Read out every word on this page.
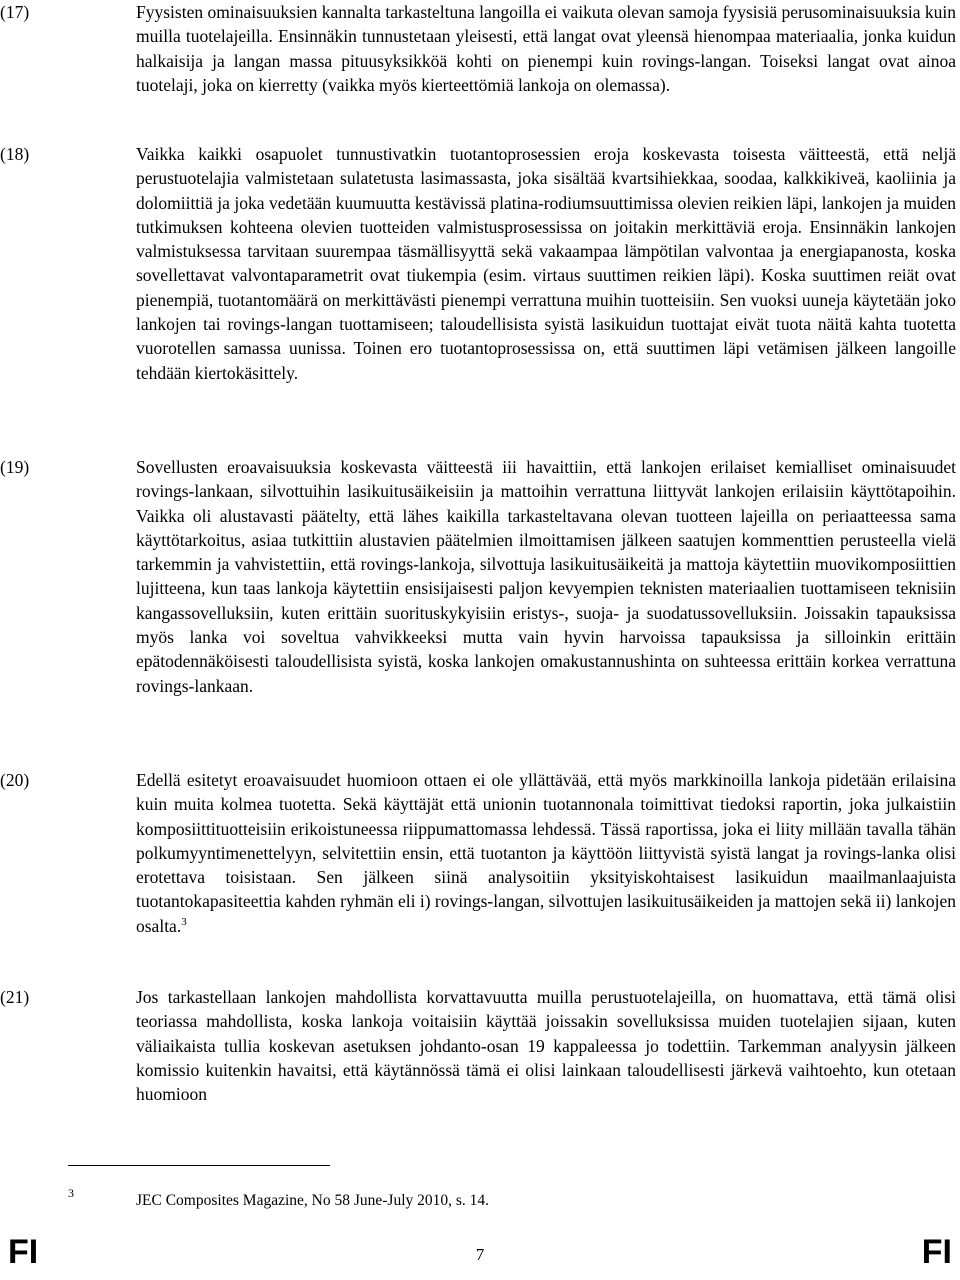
(17)	Fyysisten ominaisuuksien kannalta tarkasteltuna langoilla ei vaikuta olevan samoja fyysisiä perusominaisuuksia kuin muilla tuotelajeilla. Ensinnäkin tunnustetaan yleisesti, että langat ovat yleensä hienompaa materiaalia, jonka kuidun halkaisija ja langan massa pituusyksikköä kohti on pienempi kuin rovings-langan. Toiseksi langat ovat ainoa tuotelaji, joka on kierretty (vaikka myös kierteettömiä lankoja on olemassa).
(18)	Vaikka kaikki osapuolet tunnustivatkin tuotantoprosessien eroja koskevasta toisesta väitteestä, että neljä perustuotelajia valmistetaan sulatetusta lasimassasta, joka sisältää kvartsihiekkaa, soodaa, kalkkikiveä, kaoliinia ja dolomiittiä ja joka vedetään kuumuutta kestävissä platina-rodiumsuuttimissa olevien reikien läpi, lankojen ja muiden tutkimuksen kohteena olevien tuotteiden valmistusprosessissa on joitakin merkittäviä eroja. Ensinnäkin lankojen valmistuksessa tarvitaan suurempaa täsmällisyyttä sekä vakaampaa lämpötilan valvontaa ja energiapanosta, koska sovellettavat valvontaparametrit ovat tiukempia (esim. virtaus suuttimen reikien läpi). Koska suuttimen reiät ovat pienempiä, tuotantomäärä on merkittävästi pienempi verrattuna muihin tuotteisiin. Sen vuoksi uuneja käytetään joko lankojen tai rovings-langan tuottamiseen; taloudellisista syistä lasikuidun tuottajat eivät tuota näitä kahta tuotetta vuorotellen samassa uunissa. Toinen ero tuotantoprosessissa on, että suuttimen läpi vetämisen jälkeen langoille tehdään kiertokäsittely.
(19)	Sovellusten eroavaisuuksia koskevasta väitteestä iii havaittiin, että lankojen erilaiset kemialliset ominaisuudet rovings-lankaan, silvottuihin lasikuitusäikeisiin ja mattoihin verrattuna liittyvät lankojen erilaisiin käyttötapoihin. Vaikka oli alustavasti päätelty, että lähes kaikilla tarkasteltavana olevan tuotteen lajeilla on periaatteessa sama käyttötarkoitus, asiaa tutkittiin alustavien päätelmien ilmoittamisen jälkeen saatujen kommenttien perusteella vielä tarkemmin ja vahvistettiin, että rovings-lankoja, silvottuja lasikuitusäikeitä ja mattoja käytettiin muovikomposiittien lujitteena, kun taas lankoja käytettiin ensisijaisesti paljon kevyempien teknisten materiaalien tuottamiseen teknisiin kangassovelluksiin, kuten erittäin suorituskykyisiin eristys-, suoja- ja suodatussovelluksiin. Joissakin tapauksissa myös lanka voi soveltua vahvikkeeksi mutta vain hyvin harvoissa tapauksissa ja silloinkin erittäin epätodennäköisesti taloudellisista syistä, koska lankojen omakustannushinta on suhteessa erittäin korkea verrattuna rovings-lankaan.
(20)	Edellä esitetyt eroavaisuudet huomioon ottaen ei ole yllättävää, että myös markkinoilla lankoja pidetään erilaisina kuin muita kolmea tuotetta. Sekä käyttäjät että unionin tuotannonala toimittivat tiedoksi raportin, joka julkaistiin komposiittituotteisiin erikoistuneessa riippumattomassa lehdessä. Tässä raportissa, joka ei liity millään tavalla tähän polkumyyntimenettelyyn, selvitettiin ensin, että tuotanton ja käyttöön liittyvistä syistä langat ja rovings-lanka olisi erotettava toisistaan. Sen jälkeen siinä analysoitiin yksityiskohtaisest lasikuidun maailmanlaajuista tuotantokapasiteettia kahden ryhmän eli i) rovings-langan, silvottujen lasikuitusäikeiden ja mattojen sekä ii) lankojen osalta.$^3$
(21)	Jos tarkastellaan lankojen mahdollista korvattavuutta muilla perustuotelajeilla, on huomattava, että tämä olisi teoriassa mahdollista, koska lankoja voitaisiin käyttää joissakin sovelluksissa muiden tuotelajien sijaan, kuten väliaikaista tullia koskevan asetuksen johdanto-osan 19 kappaleessa jo todettiin. Tarkemman analyysin jälkeen komissio kuitenkin havaitsi, että käytännössä tämä ei olisi lainkaan taloudellisesti järkevä vaihtoehto, kun otetaan huomioon
3	JEC Composites Magazine, No 58 June-July 2010, s. 14.
FI	7	FI
